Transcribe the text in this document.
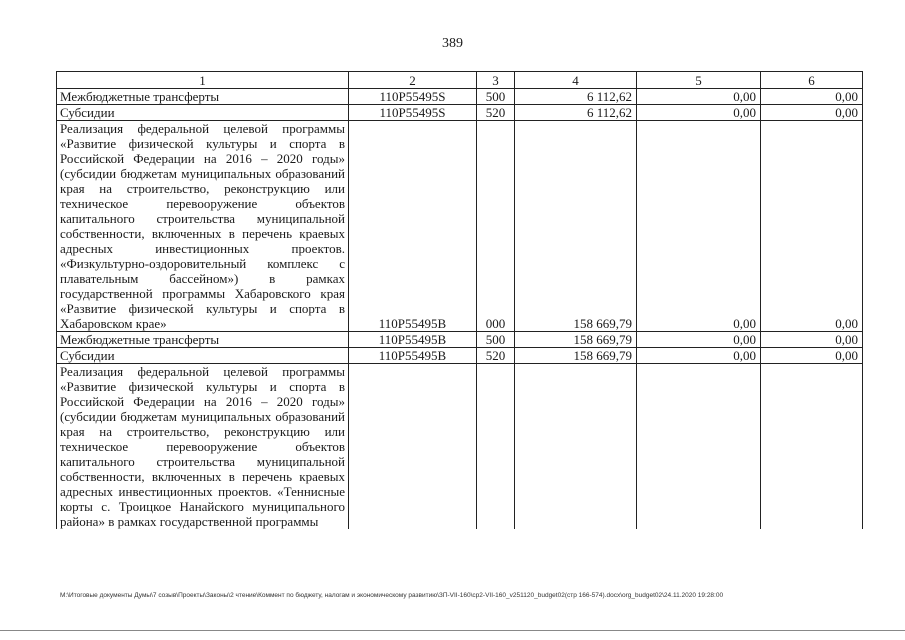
389
1	2	3	4	5	6
Межбюджетные трансферты	110P55495S	500	6 112,62	0,00	0,00
Субсидии	110P55495S	520	6 112,62	0,00	0,00
Реализация федеральной целевой программы «Развитие физической культуры и спорта в Российской Федерации на 2016 – 2020 годы» (субсидии бюджетам муниципальных образований края на строительство, реконструкцию или техническое перевооружение объектов капитального строительства муниципальной собственности, включенных в перечень краевых адресных инвестиционных проектов. «Физкультурно-оздоровительный комплекс с плавательным бассейном») в рамках государственной программы Хабаровского края «Развитие физической культуры и спорта в Хабаровском крае»	110P55495B	000	158 669,79	0,00	0,00
Межбюджетные трансферты	110P55495B	500	158 669,79	0,00	0,00
Субсидии	110P55495B	520	158 669,79	0,00	0,00
Реализация федеральной целевой программы «Развитие физической культуры и спорта в Российской Федерации на 2016 – 2020 годы» (субсидии бюджетам муниципальных образований края на строительство, реконструкцию или техническое перевооружение объектов капитального строительства муниципальной собственности, включенных в перечень краевых адресных инвестиционных проектов. «Теннисные корты с. Троицкое Нанайского муниципального района» в рамках государственной программы					
M:\Итоговые документы Думы\7 созыв\Проекты\Законы\2 чтение\Коммент по бюджету, налогам и экономическому развитию\ЗП-VII-160\ср2-VII-160_v251120_budget02(стр 166-574).docx\org_budget02\24.11.2020 19:28:00
